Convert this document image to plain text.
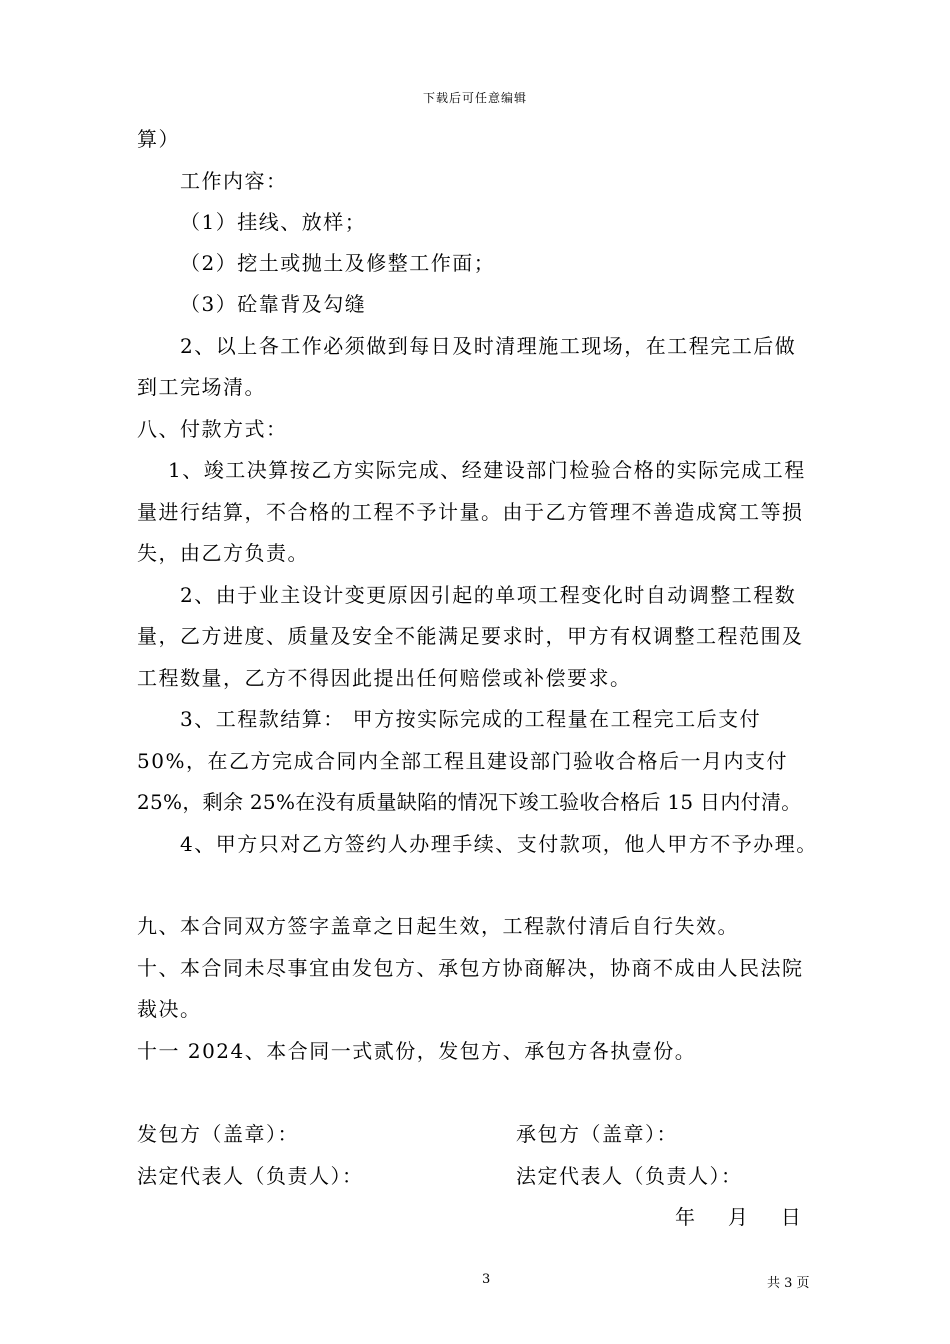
下载后可任意编辑
算）
工作内容：
（1）挂线、放样；
（2）挖土或抛土及修整工作面；
（3）砼靠背及勾缝
2、以上各工作必须做到每日及时清理施工现场，在工程完工后做
到工完场清。
八、付款方式：
1、竣工决算按乙方实际完成、经建设部门检验合格的实际完成工程
量进行结算，不合格的工程不予计量。由于乙方管理不善造成窝工等损
失，由乙方负责。
2、由于业主设计变更原因引起的单项工程变化时自动调整工程数
量，乙方进度、质量及安全不能满足要求时，甲方有权调整工程范围及
工程数量，乙方不得因此提出任何赔偿或补偿要求。
3、工程款结算： 甲方按实际完成的工程量在工程完工后支付
50%，在乙方完成合同内全部工程且建设部门验收合格后一月内支付
25%，剩余 25%在没有质量缺陷的情况下竣工验收合格后 15 日内付清。
4、甲方只对乙方签约人办理手续、支付款项，他人甲方不予办理。
九、本合同双方签字盖章之日起生效，工程款付清后自行失效。
十、本合同未尽事宜由发包方、承包方协商解决，协商不成由人民法院
裁决。
十一 2024、本合同一式贰份，发包方、承包方各执壹份。
发包方（盖章）：	承包方（盖章）：
法定代表人（负责人）：	法定代表人（负责人）：
年    月    日
3	共 3 页
